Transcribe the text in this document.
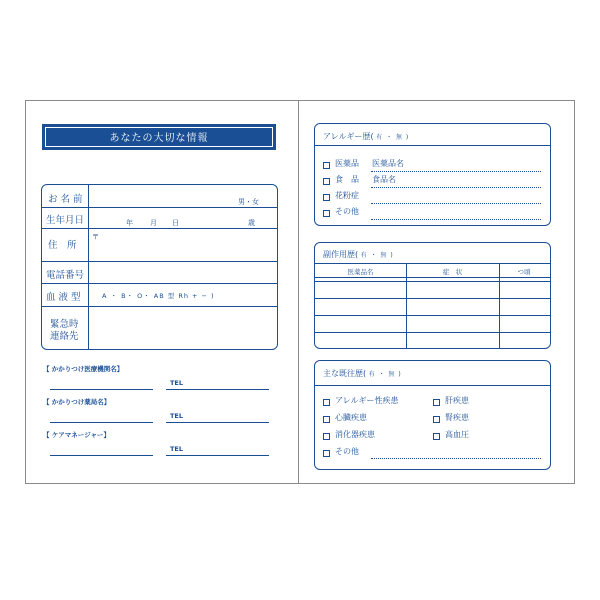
あなたの大切な情報
お 名 前	男・女
生年月日	年 月 日	歳
住　所
〒
電話番号
血 液 型	A ・ B・ O・ AB 型 Rh + − )
緊急時
連絡先
【 かかりつけ医療機関名】
TEL
【 かかりつけ薬局名】
TEL
【 ケアマネージャー】
TEL
アレルギー歴( 有 ・ 無 )
医薬品 医薬品名
食　品 食品名
花粉症
その他
副作用歴( 有 ・ 無 )
医薬品名	症　状	つ頃
主な既往歴( 有 ・ 無 )
アレルギー性疾患	肝疾患
心臓疾患	腎疾患
消化器疾患	高血圧
その他
